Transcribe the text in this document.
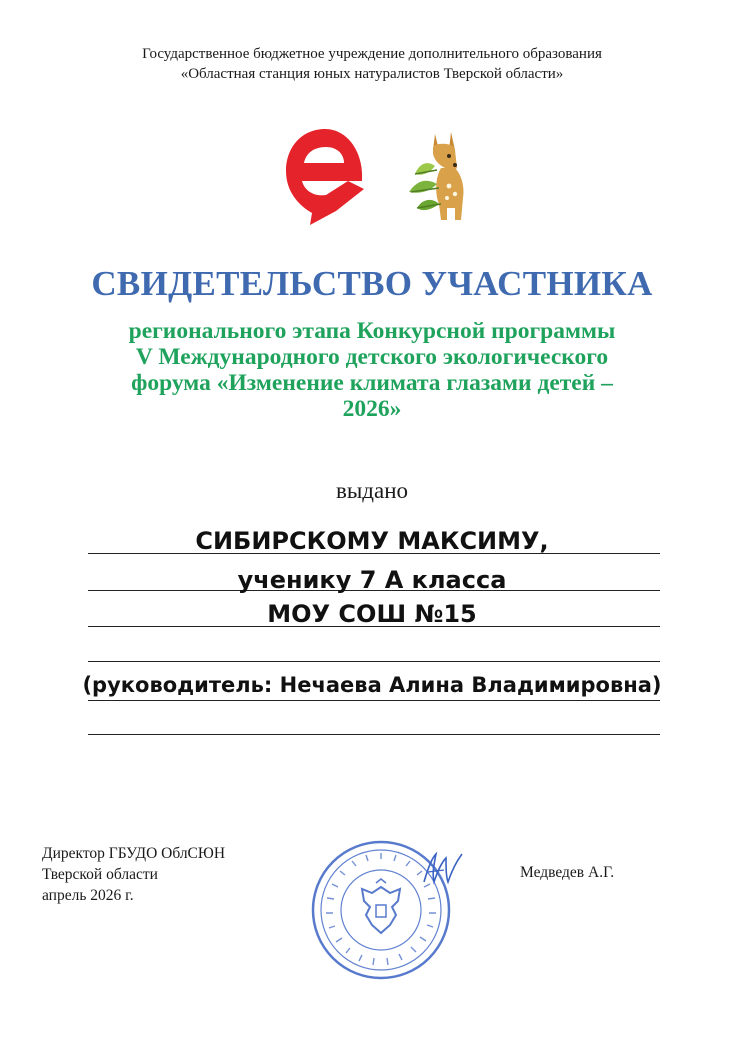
Государственное бюджетное учреждение дополнительного образования
«Областная станция юных натуралистов Тверской области»
СВИДЕТЕЛЬСТВО УЧАСТНИКА
регионального этапа Конкурсной программы
V Международного детского экологического
форума «Изменение климата глазами детей –
2026»
выдано
СИБИРСКОМУ МАКСИМУ,
ученику 7 А класса
МОУ СОШ №15
(руководитель: Нечаева Алина Владимировна)
Директор ГБУДО ОблСЮН
Тверской области
апрель 2026 г.
Медведев А.Г.
